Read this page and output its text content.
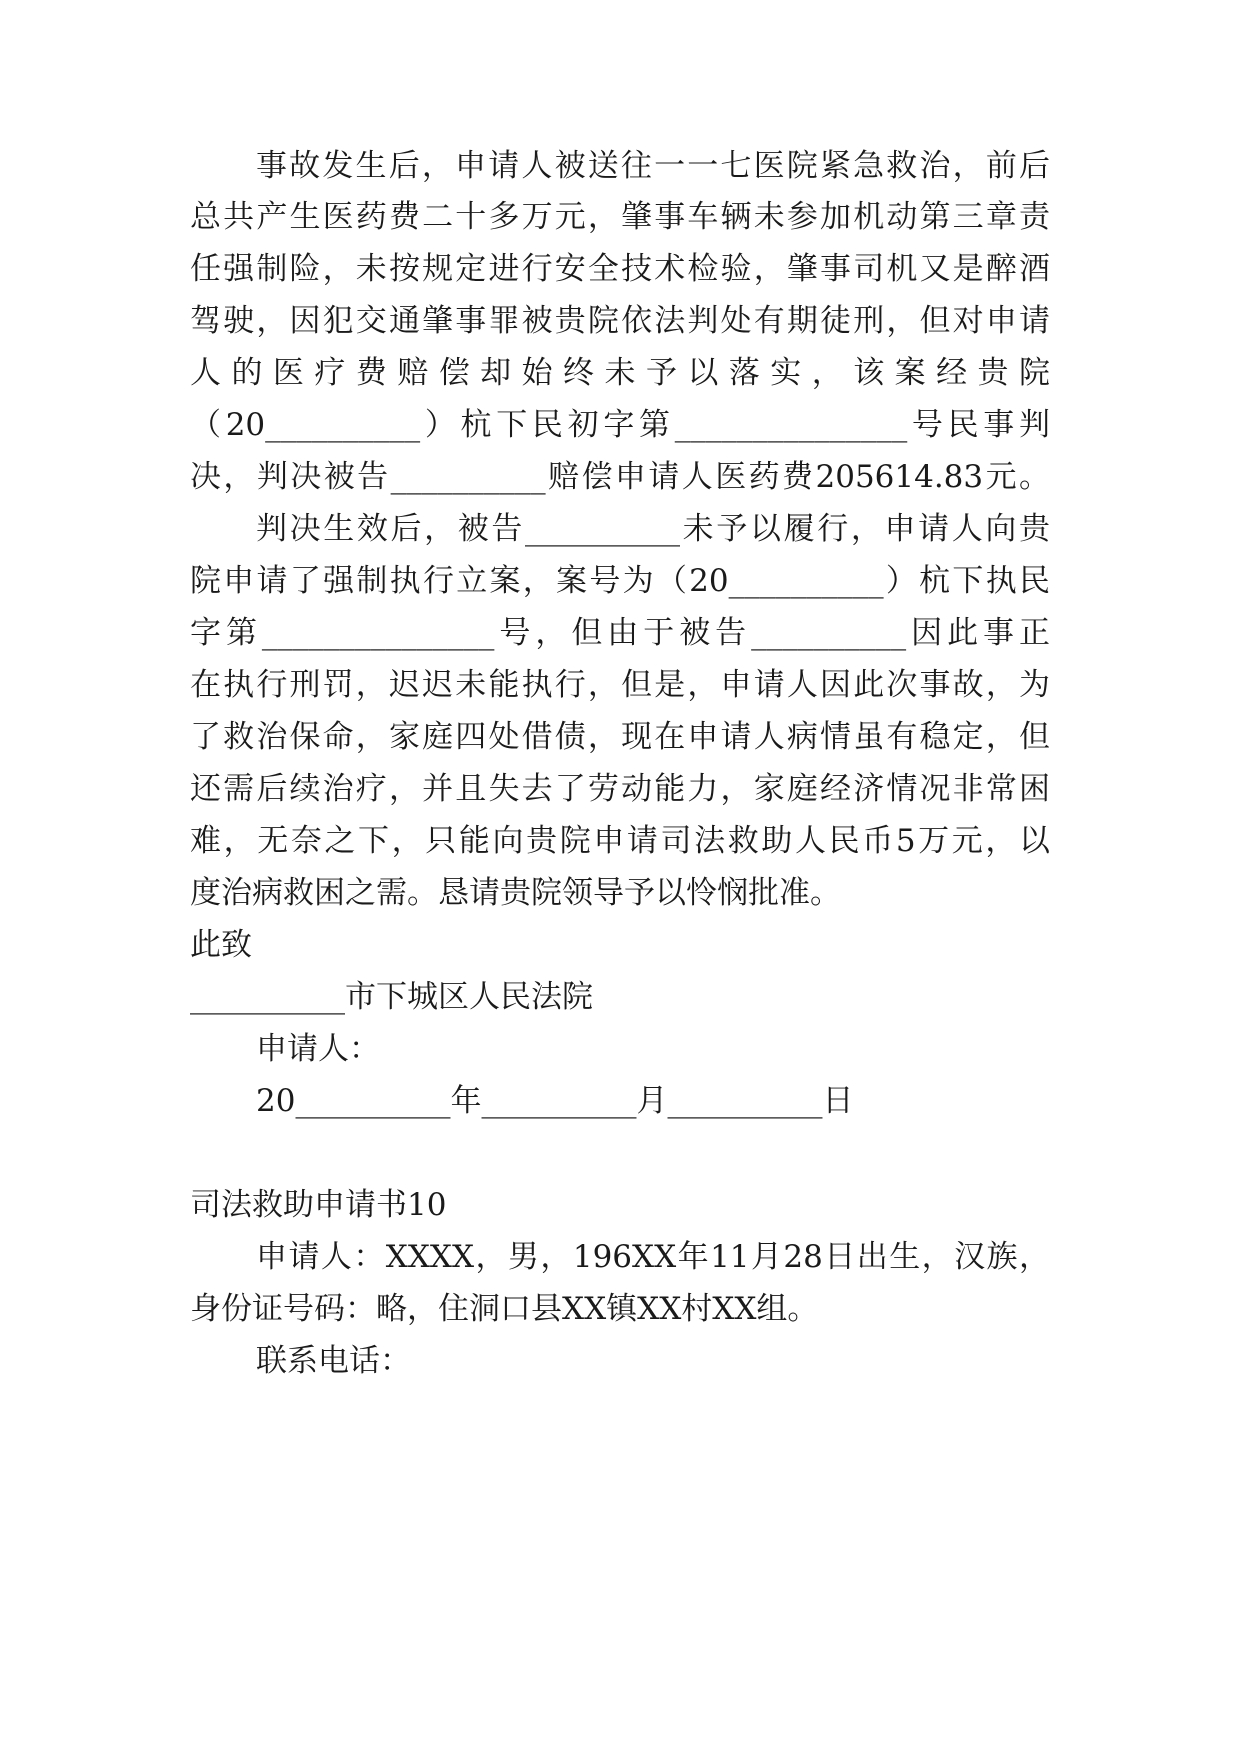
事故发生后，申请人被送往一一七医院紧急救治，前后
总共产生医药费二十多万元，肇事车辆未参加机动第三章责
任强制险，未按规定进行安全技术检验，肇事司机又是醉酒
驾驶，因犯交通肇事罪被贵院依法判处有期徒刑，但对申请
人的医疗费赔偿却始终未予以落实，该案经贵院
（20__________）杭下民初字第_______________号民事判
决，判决被告__________赔偿申请人医药费205614.83元。
判决生效后，被告__________未予以履行，申请人向贵
院申请了强制执行立案，案号为（20__________）杭下执民
字第_______________号，但由于被告__________因此事正
在执行刑罚，迟迟未能执行，但是，申请人因此次事故，为
了救治保命，家庭四处借债，现在申请人病情虽有稳定，但
还需后续治疗，并且失去了劳动能力，家庭经济情况非常困
难，无奈之下，只能向贵院申请司法救助人民币5万元，以
度治病救困之需。恳请贵院领导予以怜悯批准。
此致
__________市下城区人民法院
申请人：
20__________年__________月__________日
司法救助申请书10
申请人：XXXX，男，196XX年11月28日出生，汉族，
身份证号码：略，住洞口县XX镇XX村XX组。
联系电话：
